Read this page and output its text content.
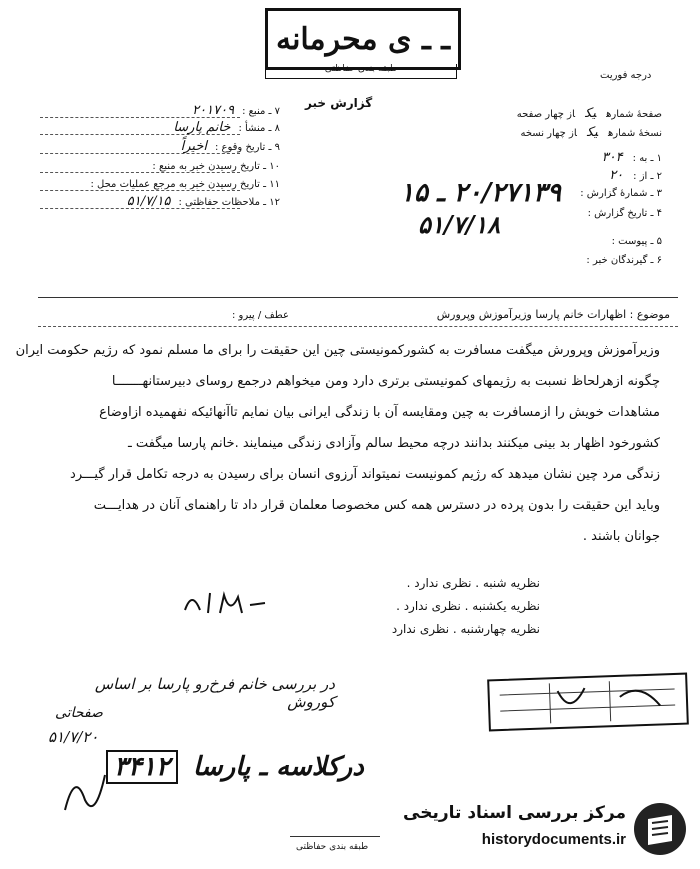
ـ ـ ی محرمانه
طبقه بندی حفاظتی
درجه فوریت
گزارش خبر
۷ ـ منبع :۲۰۱۷۰۹
۸ ـ منشأ :خانم پارسا
۹ ـ تاریخ وقوع :اخیراً
۱۰ ـ تاریخ رسیدن خبر به منبع :
۱۱ ـ تاریخ رسیدن خبر به مرجع عملیات محل :
۱۲ ـ ملاحظات حفاظتی :۵۱/۷/۱۵
صفحهٔ شمارهیکاز چهار صفحه
نسخهٔ شمارهیکاز چهار نسخه
۱ ـ به :۳۰۴
۲ ـ از :۲۰
۳ ـ شمارهٔ گزارش :
۴ ـ تاریخ گزارش :
۵ ـ پیوست :
۶ ـ گیرندگان خبر :
۲۰/۲۷۱۳۹ ـ ۱۵
۵۱/۷/۱۸
موضوع : اظهارات خانم پارسا وزیرآموزش وپرورش
عطف / پیرو :
وزیرآموزش وپرورش میگفت مسافرت به کشورکمونیستی چین این حقیقت را برای ما مسلم نمود که رژیم حکومت ایران
چگونه ازهرلحاظ نسبت به رژیمهای کمونیستی برتری دارد ومن میخواهم درجمع روسای دبیرستانهـــــــا
مشاهدات خویش را ازمسافرت به چین ومقایسه آن با زندگی ایرانی بیان نمایم تاآنهائیکه نفهمیده ازاوضاع
کشورخود اظهار بد بینی میکنند بدانند درچه محیط سالم وآزادی زندگی مینمایند .خانم پارسا میگفت ـ
زندگی مرد چین نشان میدهد که رژیم کمونیست نمیتواند آرزوی انسان برای رسیدن به درجه تکامل قرار گیـــرد
وباید این حقیقت را بدون پرده در دسترس همه کس مخصوصا معلمان قرار داد تا راهنمای آنان در هدایـــت
جوانان باشند .
نظریه شنبه . نظری ندارد .
نظریه یکشنبه . نظری ندارد .
نظریه چهارشنبه . نظری ندارد
در بررسی خانم فرخ‌رو پارسا بر اساس کوروش
صفحاتی
۵۱/۷/۲۰
درکلاسه ـ پارسا ۳۴۱۲
طبقه بندی حفاظتی
مرکز بررسی اسناد تاریخی
historydocuments.ir
